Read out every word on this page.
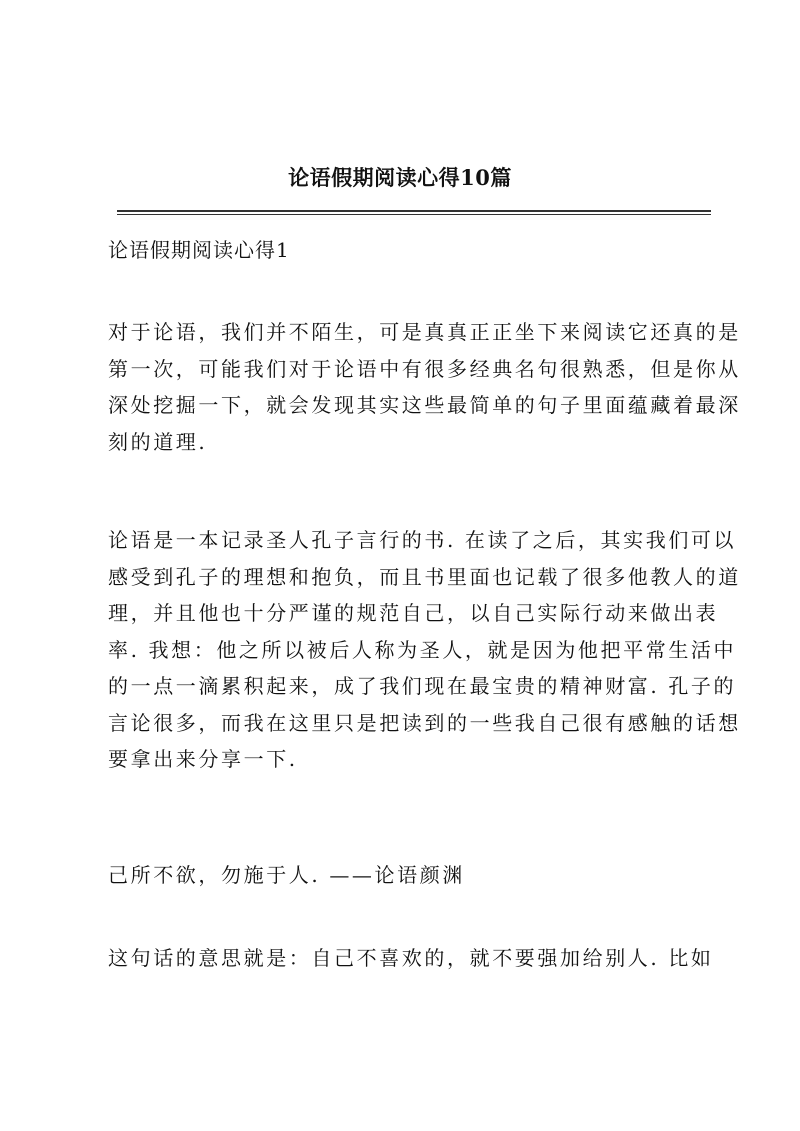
论语假期阅读心得10篇
论语假期阅读心得1

对于论语，我们并不陌生，可是真真正正坐下来阅读它还真的是
第一次，可能我们对于论语中有很多经典名句很熟悉，但是你从
深处挖掘一下，就会发现其实这些最简单的句子里面蕴藏着最深
刻的道理.

论语是一本记录圣人孔子言行的书. 在读了之后，其实我们可以
感受到孔子的理想和抱负，而且书里面也记载了很多他教人的道
理，并且他也十分严谨的规范自己，以自己实际行动来做出表
率. 我想：他之所以被后人称为圣人，就是因为他把平常生活中
的一点一滴累积起来，成了我们现在最宝贵的精神财富. 孔子的
言论很多，而我在这里只是把读到的一些我自己很有感触的话想
要拿出来分享一下.

己所不欲，勿施于人. ——论语颜渊

这句话的意思就是：自己不喜欢的，就不要强加给别人. 比如
